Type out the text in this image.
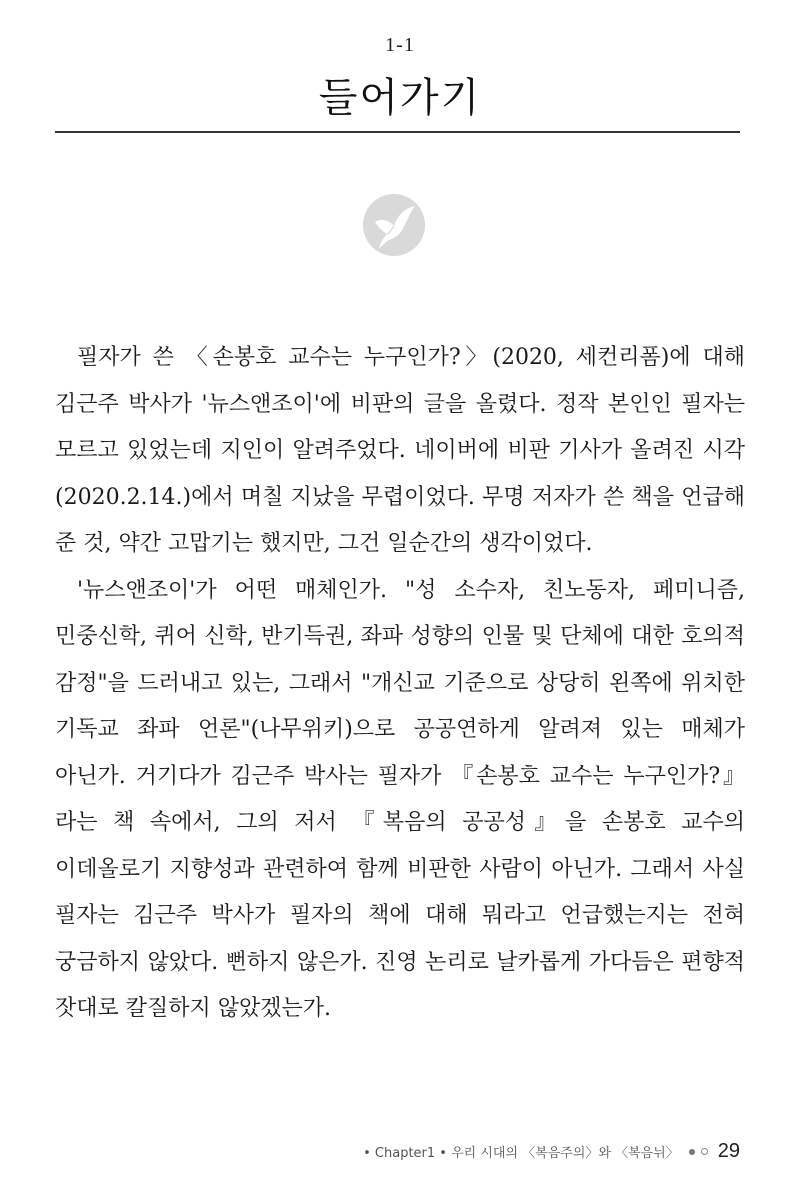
1-1
들어가기

필자가 쓴 〈손봉호 교수는 누구인가?〉(2020, 세컨리폼)에 대해 김근주 박사가 '뉴스앤조이'에 비판의 글을 올렸다. 정작 본인인 필자는 모르고 있었는데 지인이 알려주었다. 네이버에 비판 기사가 올려진 시각(2020.2.14.)에서 며칠 지났을 무렵이었다. 무명 저자가 쓴 책을 언급해 준 것, 약간 고맙기는 했지만, 그건 일순간의 생각이었다.

'뉴스앤조이'가 어떤 매체인가. "성 소수자, 친노동자, 페미니즘, 민중신학, 퀴어 신학, 반기득권, 좌파 성향의 인물 및 단체에 대한 호의적 감정"을 드러내고 있는, 그래서 "개신교 기준으로 상당히 왼쪽에 위치한 기독교 좌파 언론"(나무위키)으로 공공연하게 알려져 있는 매체가 아닌가. 거기다가 김근주 박사는 필자가 『손봉호 교수는 누구인가?』라는 책 속에서, 그의 저서 『복음의 공공성』을 손봉호 교수의 이데올로기 지향성과 관련하여 함께 비판한 사람이 아닌가. 그래서 사실 필자는 김근주 박사가 필자의 책에 대해 뭐라고 언급했는지는 전혀 궁금하지 않았다. 뻔하지 않은가. 진영 논리로 날카롭게 가다듬은 편향적 잣대로 칼질하지 않았겠는가.

• Chapter1 • 우리 시대의 〈복음주의〉와 〈복음뉘〉 29
